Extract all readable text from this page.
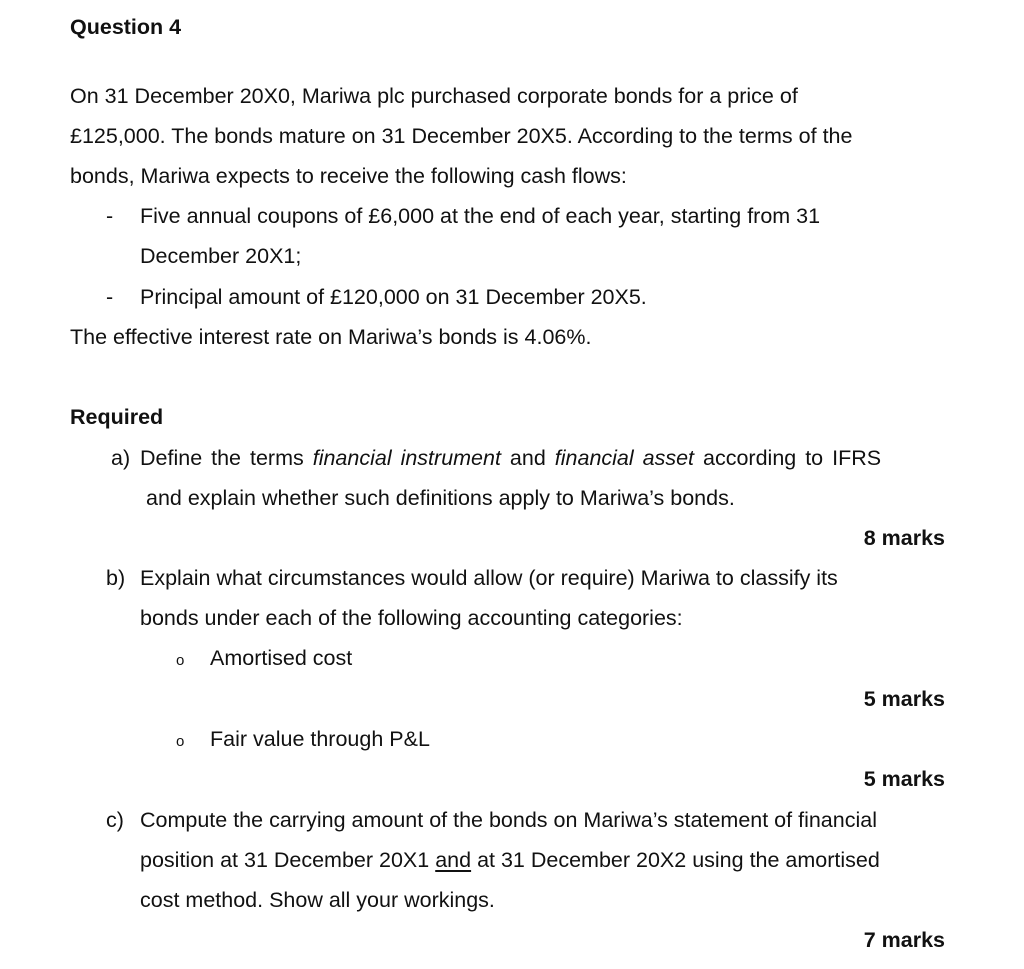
Question 4
On 31 December 20X0, Mariwa plc purchased corporate bonds for a price of
£125,000. The bonds mature on 31 December 20X5. According to the terms of the
bonds, Mariwa expects to receive the following cash flows:
- Five annual coupons of £6,000 at the end of each year, starting from 31
December 20X1;
- Principal amount of £120,000 on 31 December 20X5.
The effective interest rate on Mariwa’s bonds is 4.06%.
Required
a) Define the terms financial instrument and financial asset according to IFRS
and explain whether such definitions apply to Mariwa’s bonds.
8 marks
b) Explain what circumstances would allow (or require) Mariwa to classify its
bonds under each of the following accounting categories:
o Amortised cost
5 marks
o Fair value through P&L
5 marks
c) Compute the carrying amount of the bonds on Mariwa’s statement of financial
position at 31 December 20X1 and at 31 December 20X2 using the amortised
cost method. Show all your workings.
7 marks
